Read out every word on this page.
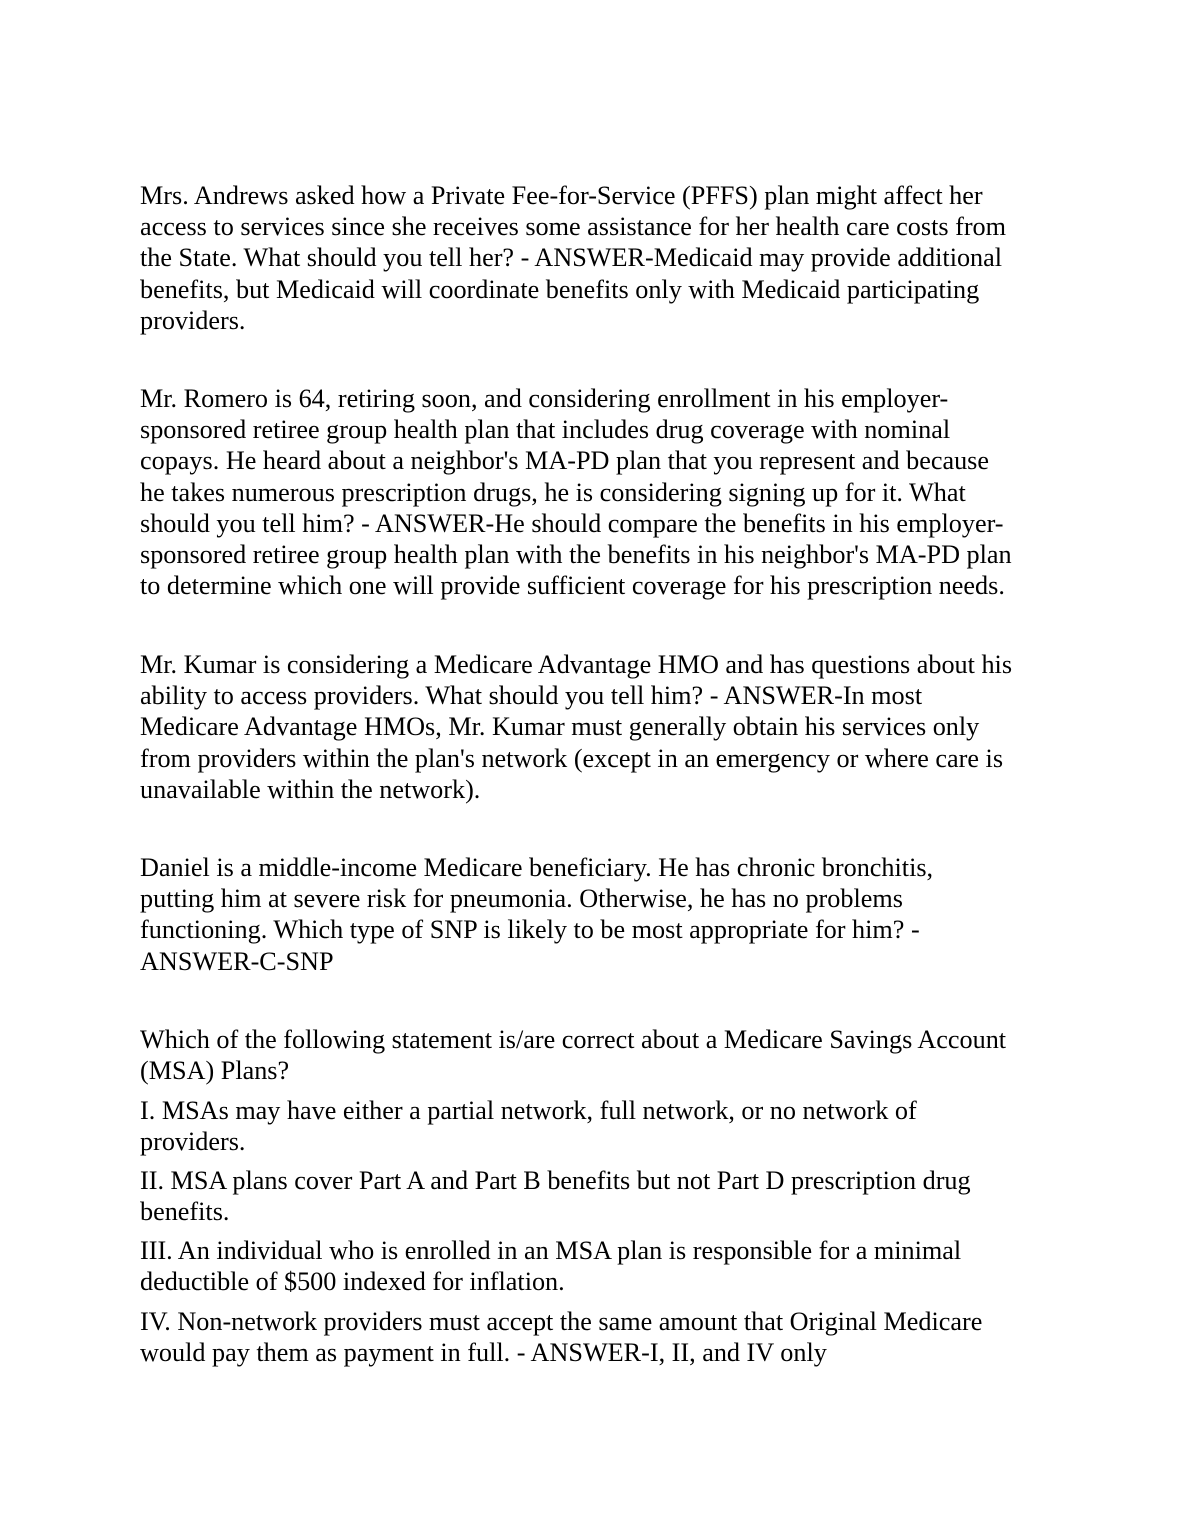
Mrs. Andrews asked how a Private Fee-for-Service (PFFS) plan might affect her
access to services since she receives some assistance for her health care costs from
the State. What should you tell her? - ANSWER-Medicaid may provide additional
benefits, but Medicaid will coordinate benefits only with Medicaid participating
providers.

Mr. Romero is 64, retiring soon, and considering enrollment in his employer-
sponsored retiree group health plan that includes drug coverage with nominal
copays. He heard about a neighbor's MA-PD plan that you represent and because
he takes numerous prescription drugs, he is considering signing up for it. What
should you tell him? - ANSWER-He should compare the benefits in his employer-
sponsored retiree group health plan with the benefits in his neighbor's MA-PD plan
to determine which one will provide sufficient coverage for his prescription needs.

Mr. Kumar is considering a Medicare Advantage HMO and has questions about his
ability to access providers. What should you tell him? - ANSWER-In most
Medicare Advantage HMOs, Mr. Kumar must generally obtain his services only
from providers within the plan's network (except in an emergency or where care is
unavailable within the network).

Daniel is a middle-income Medicare beneficiary. He has chronic bronchitis,
putting him at severe risk for pneumonia. Otherwise, he has no problems
functioning. Which type of SNP is likely to be most appropriate for him? -
ANSWER-C-SNP

Which of the following statement is/are correct about a Medicare Savings Account
(MSA) Plans?

I. MSAs may have either a partial network, full network, or no network of
providers.

II. MSA plans cover Part A and Part B benefits but not Part D prescription drug
benefits.

III. An individual who is enrolled in an MSA plan is responsible for a minimal
deductible of $500 indexed for inflation.

IV. Non-network providers must accept the same amount that Original Medicare
would pay them as payment in full. - ANSWER-I, II, and IV only
